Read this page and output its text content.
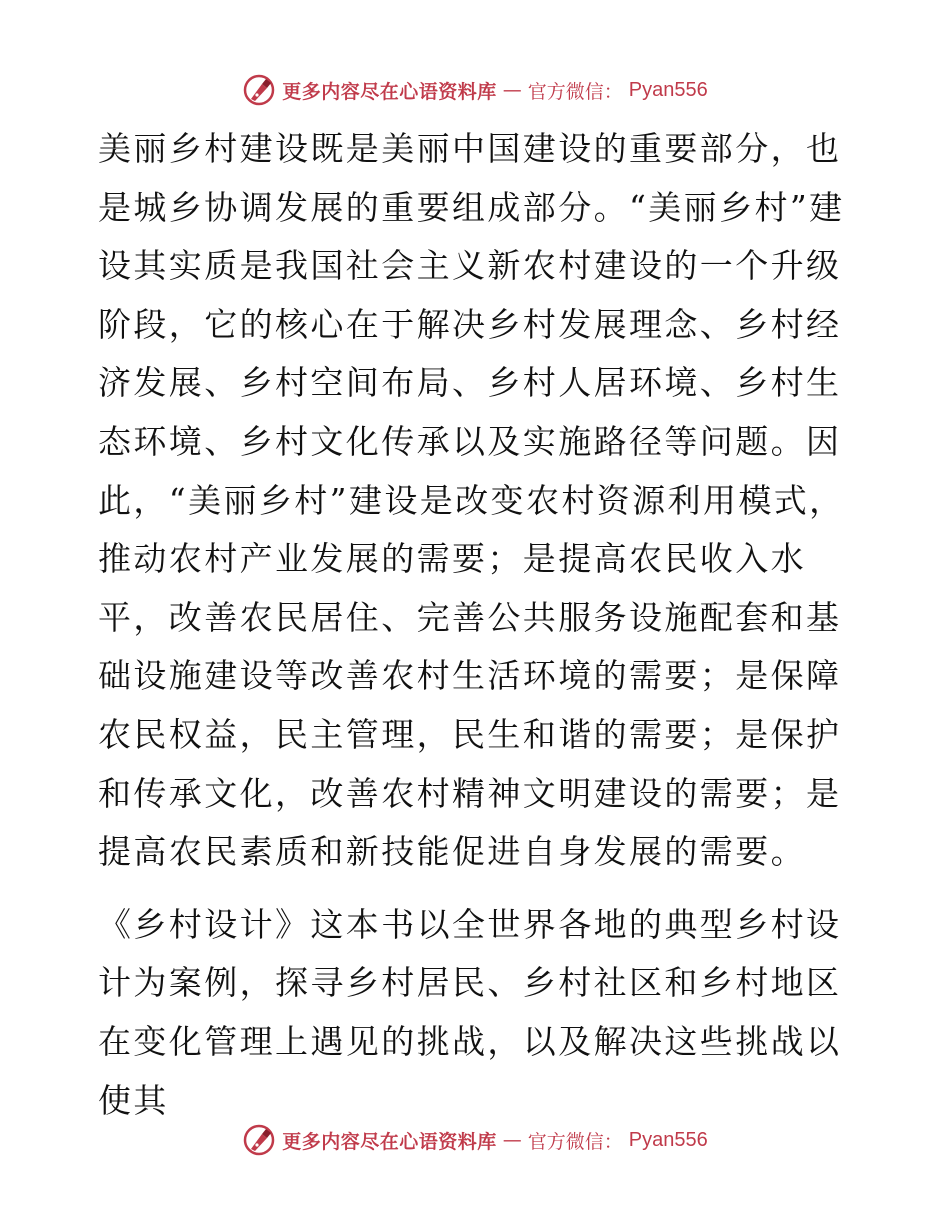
更多内容尽在心语资料库 — 官方微信： Pyan556

美丽乡村建设既是美丽中国建设的重要部分，也是城乡协调发展的重要组成部分。“美丽乡村”建设其实质是我国社会主义新农村建设的一个升级阶段，它的核心在于解决乡村发展理念、乡村经济发展、乡村空间布局、乡村人居环境、乡村生态环境、乡村文化传承以及实施路径等问题。因此，“美丽乡村”建设是改变农村资源利用模式，推动农村产业发展的需要；是提高农民收入水平，改善农民居住、完善公共服务设施配套和基础设施建设等改善农村生活环境的需要；是保障农民权益，民主管理，民生和谐的需要；是保护和传承文化，改善农村精神文明建设的需要；是提高农民素质和新技能促进自身发展的需要。

《乡村设计》这本书以全世界各地的典型乡村设计为案例，探寻乡村居民、乡村社区和乡村地区在变化管理上遇见的挑战，以及解决这些挑战以使其

更多内容尽在心语资料库 — 官方微信： Pyan556
